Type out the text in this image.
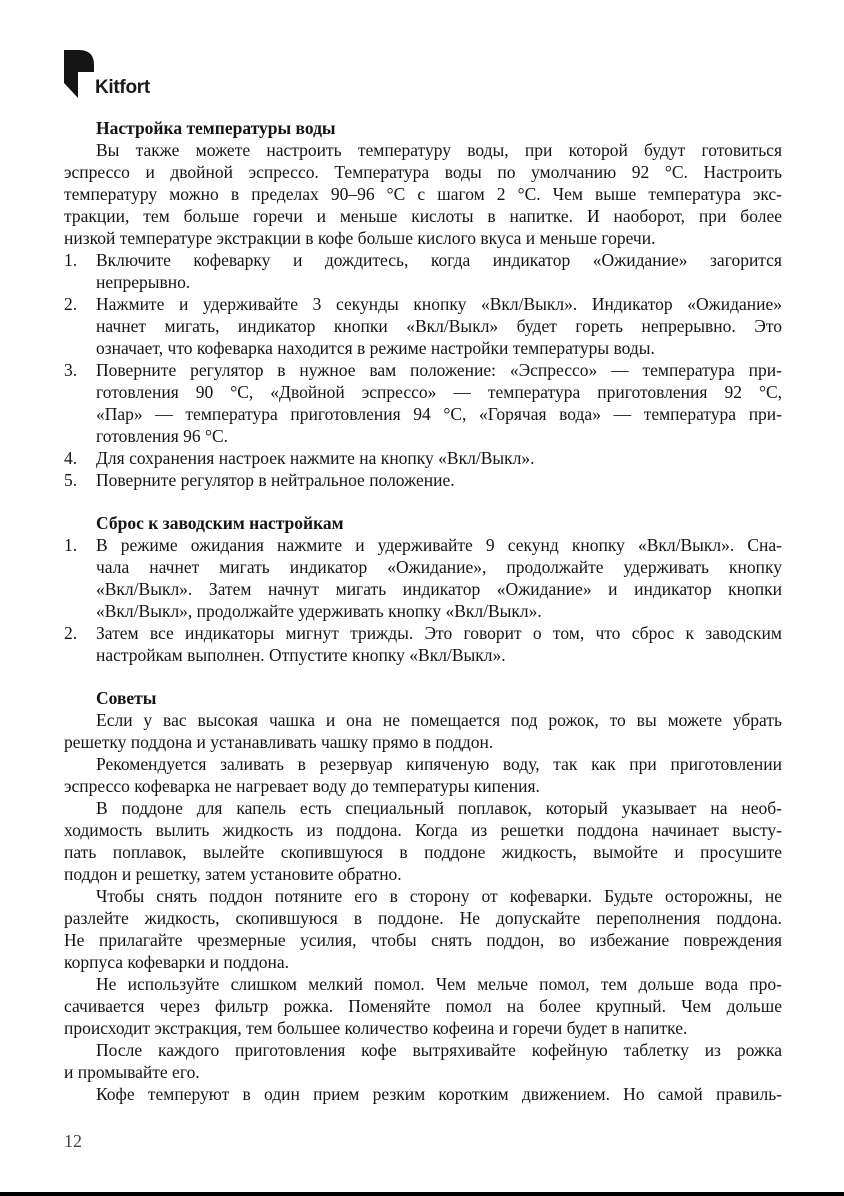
Kitfort
Настройка температуры воды
Вы также можете настроить температуру воды, при которой будут готовиться
эспрессо и двойной эспрессо. Температура воды по умолчанию 92 °С. Настроить
температуру можно в пределах 90–96 °С с шагом 2 °С. Чем выше температура экс-
тракции, тем больше горечи и меньше кислоты в напитке. И наоборот, при более
низкой температуре экстракции в кофе больше кислого вкуса и меньше горечи.
1.	Включите кофеварку и дождитесь, когда индикатор «Ожидание» загорится
непрерывно.
2.	Нажмите и удерживайте 3 секунды кнопку «Вкл/Выкл». Индикатор «Ожидание»
начнет мигать, индикатор кнопки «Вкл/Выкл» будет гореть непрерывно. Это
означает, что кофеварка находится в режиме настройки температуры воды.
3.	Поверните регулятор в нужное вам положение: «Эспрессо» — температура при-
готовления 90 °С, «Двойной эспрессо» — температура приготовления 92 °С,
«Пар» — температура приготовления 94 °С, «Горячая вода» — температура при-
готовления 96 °С.
4.	Для сохранения настроек нажмите на кнопку «Вкл/Выкл».
5.	Поверните регулятор в нейтральное положение.
Сброс к заводским настройкам
1.	В режиме ожидания нажмите и удерживайте 9 секунд кнопку «Вкл/Выкл». Сна-
чала начнет мигать индикатор «Ожидание», продолжайте удерживать кнопку
«Вкл/Выкл». Затем начнут мигать индикатор «Ожидание» и индикатор кнопки
«Вкл/Выкл», продолжайте удерживать кнопку «Вкл/Выкл».
2.	Затем все индикаторы мигнут трижды. Это говорит о том, что сброс к заводским
настройкам выполнен. Отпустите кнопку «Вкл/Выкл».
Советы
Если у вас высокая чашка и она не помещается под рожок, то вы можете убрать
решетку поддона и устанавливать чашку прямо в поддон.
Рекомендуется заливать в резервуар кипяченую воду, так как при приготовлении
эспрессо кофеварка не нагревает воду до температуры кипения.
В поддоне для капель есть специальный поплавок, который указывает на необ-
ходимость вылить жидкость из поддона. Когда из решетки поддона начинает высту-
пать поплавок, вылейте скопившуюся в поддоне жидкость, вымойте и просушите
поддон и решетку, затем установите обратно.
Чтобы снять поддон потяните его в сторону от кофеварки. Будьте осторожны, не
разлейте жидкость, скопившуюся в поддоне. Не допускайте переполнения поддона.
Не прилагайте чрезмерные усилия, чтобы снять поддон, во избежание повреждения
корпуса кофеварки и поддона.
Не используйте слишком мелкий помол. Чем мельче помол, тем дольше вода про-
сачивается через фильтр рожка. Поменяйте помол на более крупный. Чем дольше
происходит экстракция, тем большее количество кофеина и горечи будет в напитке.
После каждого приготовления кофе вытряхивайте кофейную таблетку из рожка
и промывайте его.
Кофе темперуют в один прием резким коротким движением. Но самой правиль-
12
